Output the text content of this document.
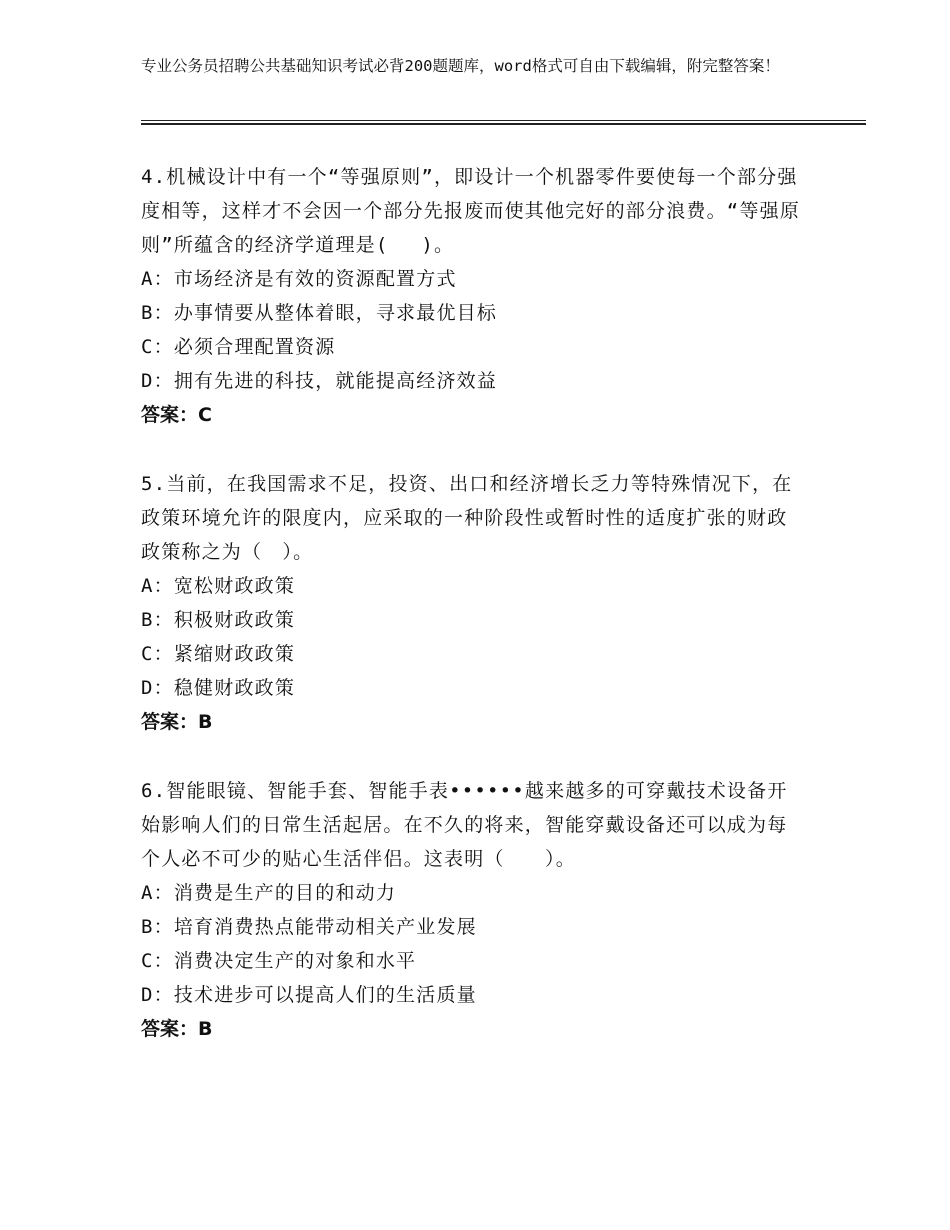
专业公务员招聘公共基础知识考试必背200题题库，word格式可自由下载编辑，附完整答案！

4.机械设计中有一个“等强原则”，即设计一个机器零件要使每一个部分强度相等，这样才不会因一个部分先报废而使其他完好的部分浪费。“等强原则”所蕴含的经济学道理是(　 )。

A：市场经济是有效的资源配置方式

B：办事情要从整体着眼，寻求最优目标

C：必须合理配置资源

D：拥有先进的科技，就能提高经济效益

答案：C

5.当前，在我国需求不足，投资、出口和经济增长乏力等特殊情况下，在政策环境允许的限度内，应采取的一种阶段性或暂时性的适度扩张的财政政策称之为（　）。

A：宽松财政政策

B：积极财政政策

C：紧缩财政政策

D：稳健财政政策

答案：B

6.智能眼镜、智能手套、智能手表••••••越来越多的可穿戴技术设备开始影响人们的日常生活起居。在不久的将来，智能穿戴设备还可以成为每个人必不可少的贴心生活伴侣。这表明（　　）。

A：消费是生产的目的和动力

B：培育消费热点能带动相关产业发展

C：消费决定生产的对象和水平

D：技术进步可以提高人们的生活质量

答案：B
